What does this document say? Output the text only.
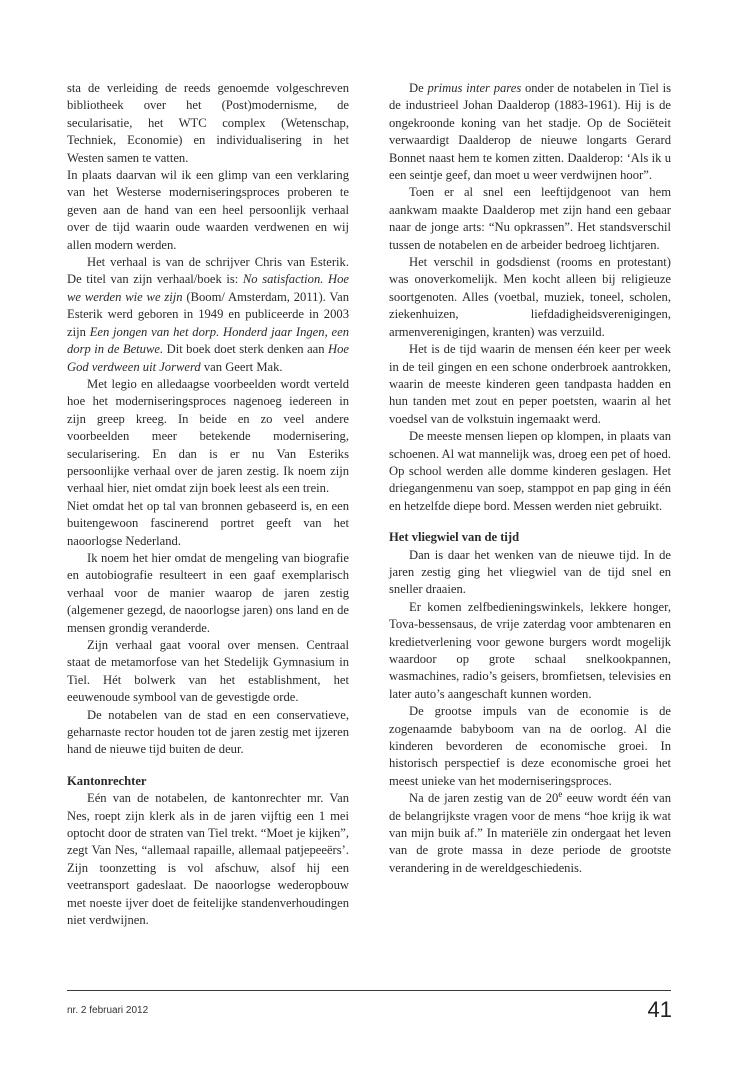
sta de verleiding de reeds genoemde volgeschreven bibliotheek over het (Post)modernisme, de secularisatie, het WTC complex (Wetenschap, Techniek, Economie) en individualisering in het Westen samen te vatten.

In plaats daarvan wil ik een glimp van een verklaring van het Westerse moderniseringsproces proberen te geven aan de hand van een heel persoonlijk verhaal over de tijd waarin oude waarden verdwenen en wij allen modern werden.

Het verhaal is van de schrijver Chris van Esterik. De titel van zijn verhaal/boek is: No satisfaction. Hoe we werden wie we zijn (Boom/ Amsterdam, 2011). Van Esterik werd geboren in 1949 en publiceerde in 2003 zijn Een jongen van het dorp. Honderd jaar Ingen, een dorp in de Betuwe. Dit boek doet sterk denken aan Hoe God verdween uit Jorwerd van Geert Mak.

Met legio en alledaagse voorbeelden wordt verteld hoe het moderniseringsproces nagenoeg iedereen in zijn greep kreeg. In beide en zo veel andere voorbeelden meer betekende modernisering, secularisering. En dan is er nu Van Esteriks persoonlijke verhaal over de jaren zestig. Ik noem zijn verhaal hier, niet omdat zijn boek leest als een trein.

Niet omdat het op tal van bronnen gebaseerd is, en een buitengewoon fascinerend portret geeft van het naoorlogse Nederland.

Ik noem het hier omdat de mengeling van biografie en autobiografie resulteert in een gaaf exemplarisch verhaal voor de manier waarop de jaren zestig (algemener gezegd, de naoorlogse jaren) ons land en de mensen grondig veranderde.

Zijn verhaal gaat vooral over mensen. Centraal staat de metamorfose van het Stedelijk Gymnasium in Tiel. Hét bolwerk van het establishment, het eeuwenoude symbool van de gevestigde orde.

De notabelen van de stad en een conservatieve, geharnaste rector houden tot de jaren zestig met ijzeren hand de nieuwe tijd buiten de deur.

Kantonrechter

Eén van de notabelen, de kantonrechter mr. Van Nes, roept zijn klerk als in de jaren vijftig een 1 mei optocht door de straten van Tiel trekt. “Moet je kijken”, zegt Van Nes, “allemaal rapaille, allemaal patjepeeërs’. Zijn toonzetting is vol afschuw, alsof hij een veetransport gadeslaat. De naoorlogse wederopbouw met noeste ijver doet de feitelijke standenverhoudingen niet verdwijnen.

De primus inter pares onder de notabelen in Tiel is de industrieel Johan Daalderop (1883-1961). Hij is de ongekroonde koning van het stadje. Op de Sociëteit verwaardigt Daalderop de nieuwe longarts Gerard Bonnet naast hem te komen zitten. Daalderop: ‘Als ik u een seintje geef, dan moet u weer verdwijnen hoor”.

Toen er al snel een leeftijdgenoot van hem aankwam maakte Daalderop met zijn hand een gebaar naar de jonge arts: “Nu opkrassen”. Het standsverschil tussen de notabelen en de arbeider bedroeg lichtjaren.

Het verschil in godsdienst (rooms en protestant) was onoverkomelijk. Men kocht alleen bij religieuze soortgenoten. Alles (voetbal, muziek, toneel, scholen, ziekenhuizen, liefdadigheidsverenigingen, armenverenigingen, kranten) was verzuild.

Het is de tijd waarin de mensen één keer per week in de teil gingen en een schone onderbroek aantrokken, waarin de meeste kinderen geen tandpasta hadden en hun tanden met zout en peper poetsten, waarin al het voedsel van de volkstuin ingemaakt werd.

De meeste mensen liepen op klompen, in plaats van schoenen. Al wat mannelijk was, droeg een pet of hoed. Op school werden alle domme kinderen geslagen. Het driegangenmenu van soep, stamppot en pap ging in één en hetzelfde diepe bord. Messen werden niet gebruikt.

Het vliegwiel van de tijd

Dan is daar het wenken van de nieuwe tijd. In de jaren zestig ging het vliegwiel van de tijd snel en sneller draaien.

Er komen zelfbedieningswinkels, lekkere honger, Tova-bessensaus, de vrije zaterdag voor ambtenaren en kredietverlening voor gewone burgers wordt mogelijk waardoor op grote schaal snelkookpannen, wasmachines, radio’s geisers, bromfietsen, televisies en later auto’s aangeschaft kunnen worden.

De grootse impuls van de economie is de zogenaamde babyboom van na de oorlog. Al die kinderen bevorderen de economische groei. In historisch perspectief is deze economische groei het meest unieke van het moderniseringsproces.

Na de jaren zestig van de 20e eeuw wordt één van de belangrijkste vragen voor de mens “hoe krijg ik wat van mijn buik af.” In materiële zin ondergaat het leven van de grote massa in deze periode de grootste verandering in de wereldgeschiedenis.

nr. 2 februari 2012	41
